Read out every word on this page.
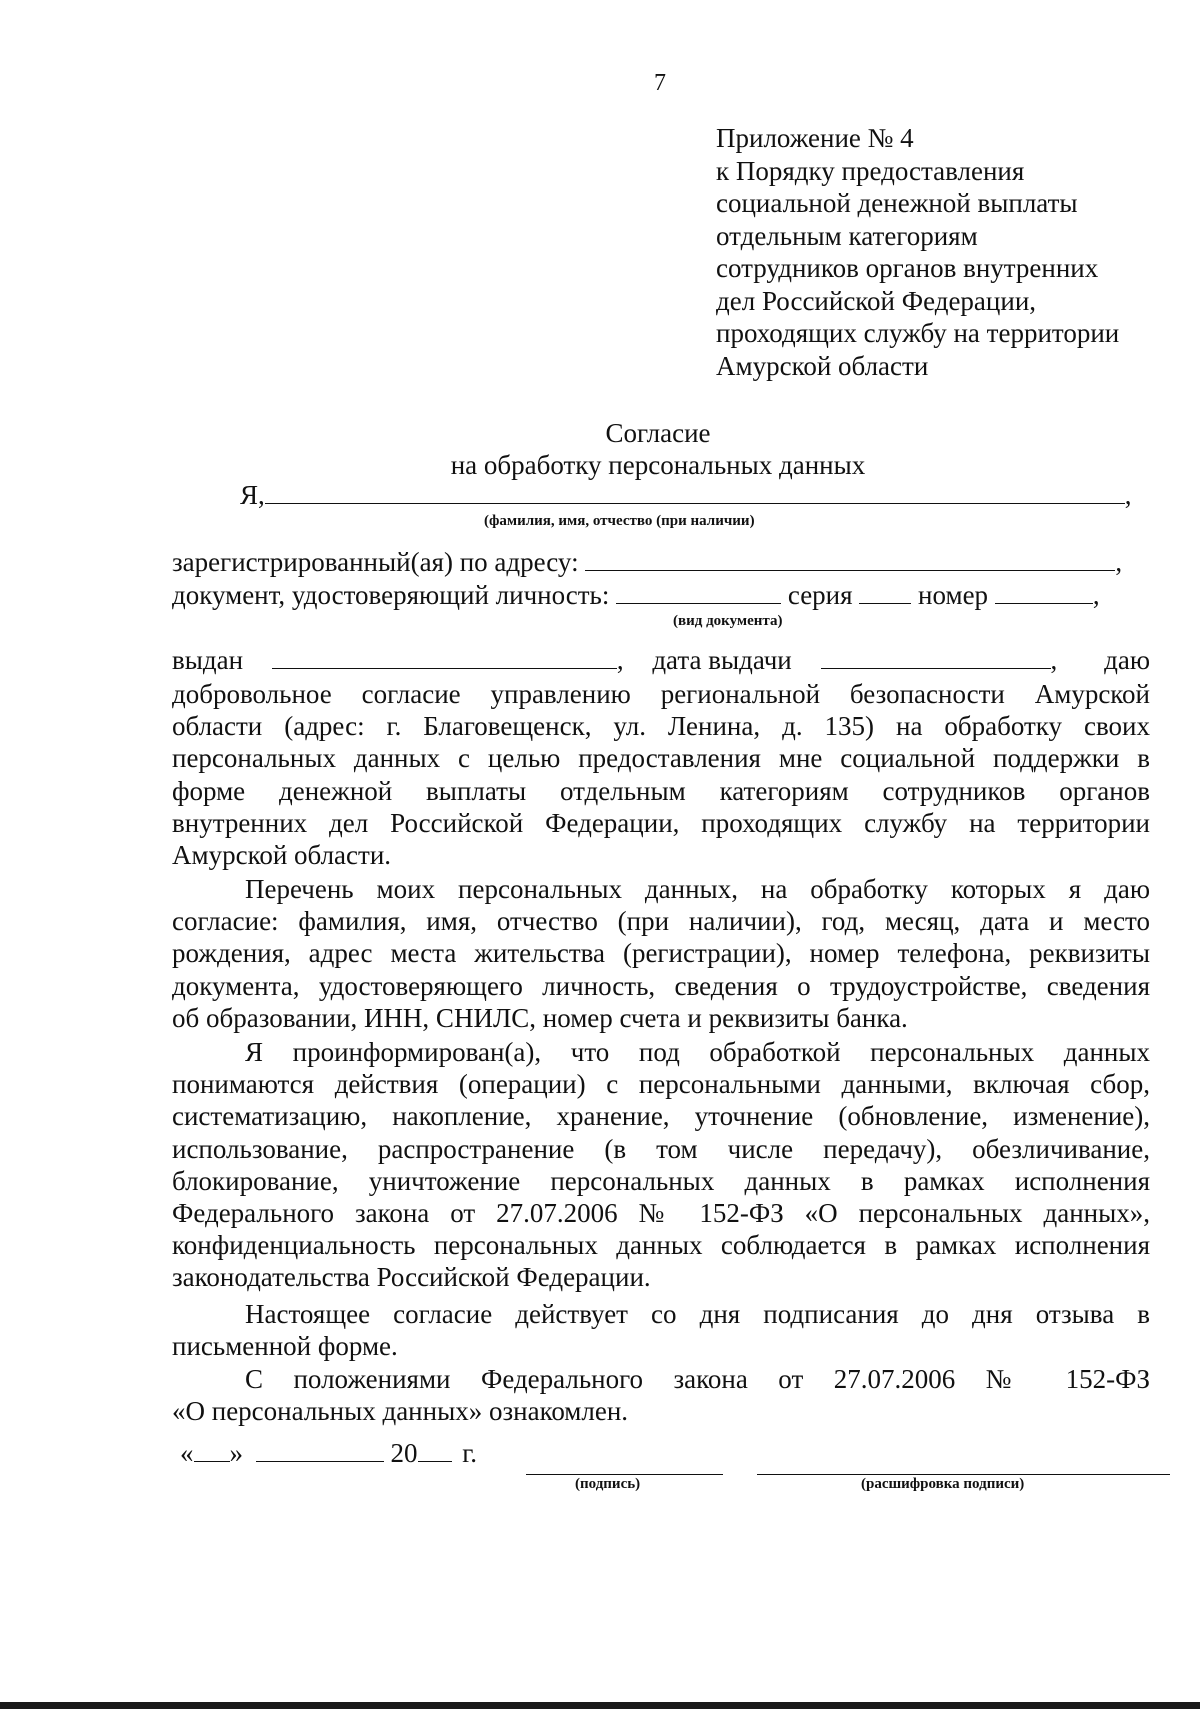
7
Приложение № 4
к Порядку предоставления
социальной денежной выплаты
отдельным категориям
сотрудников органов внутренних
дел Российской Федерации,
проходящих службу на территории
Амурской области
Согласие
на обработку персональных данных
Я,	,
(фамилия, имя, отчество (при наличии)
зарегистрированный(ая) по адресу:	,
документ, удостоверяющий личность:	серия номер	,
(вид документа)
выдан	, дата выдачи	, даю
добровольное согласие управлению региональной безопасности Амурской
области (адрес: г. Благовещенск, ул. Ленина, д. 135) на обработку своих
персональных данных с целью предоставления мне социальной поддержки в
форме денежной выплаты отдельным категориям сотрудников органов
внутренних дел Российской Федерации, проходящих службу на территории
Амурской области.
Перечень моих персональных данных, на обработку которых я даю
согласие: фамилия, имя, отчество (при наличии), год, месяц, дата и место
рождения, адрес места жительства (регистрации), номер телефона, реквизиты
документа, удостоверяющего личность, сведения о трудоустройстве, сведения
об образовании, ИНН, СНИЛС, номер счета и реквизиты банка.
Я проинформирован(а), что под обработкой персональных данных
понимаются действия (операции) с персональными данными, включая сбор,
систематизацию, накопление, хранение, уточнение (обновление, изменение),
использование, распространение (в том числе передачу), обезличивание,
блокирование, уничтожение персональных данных в рамках исполнения
Федерального закона от 27.07.2006 № 152-ФЗ «О персональных данных»,
конфиденциальность персональных данных соблюдается в рамках исполнения
законодательства Российской Федерации.
Настоящее согласие действует со дня подписания до дня отзыва в
письменной форме.
С положениями Федерального закона от 27.07.2006 № 152-ФЗ
«О персональных данных» ознакомлен.
« »	20 г.
(подпись)	(расшифровка подписи)
